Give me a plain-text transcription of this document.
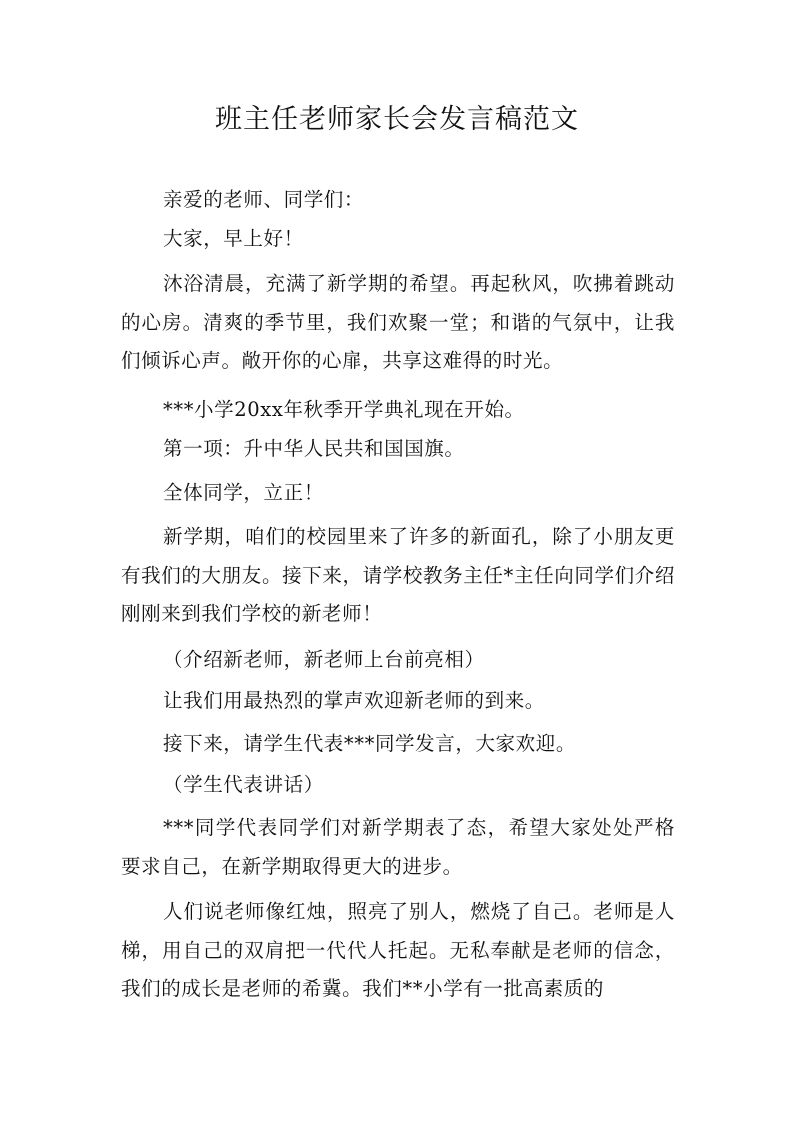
班主任老师家长会发言稿范文

亲爱的老师、同学们：

大家，早上好！

沐浴清晨，充满了新学期的希望。再起秋风，吹拂着跳动的心房。清爽的季节里，我们欢聚一堂；和谐的气氛中，让我们倾诉心声。敞开你的心扉，共享这难得的时光。

***小学20xx年秋季开学典礼现在开始。

第一项：升中华人民共和国国旗。

全体同学，立正！

新学期，咱们的校园里来了许多的新面孔，除了小朋友更有我们的大朋友。接下来，请学校教务主任*主任向同学们介绍刚刚来到我们学校的新老师！

（介绍新老师，新老师上台前亮相）

让我们用最热烈的掌声欢迎新老师的到来。

接下来，请学生代表***同学发言，大家欢迎。

（学生代表讲话）

***同学代表同学们对新学期表了态，希望大家处处严格要求自己，在新学期取得更大的进步。

人们说老师像红烛，照亮了别人，燃烧了自己。老师是人梯，用自己的双肩把一代代人托起。无私奉献是老师的信念，我们的成长是老师的希冀。我们**小学有一批高素质的
